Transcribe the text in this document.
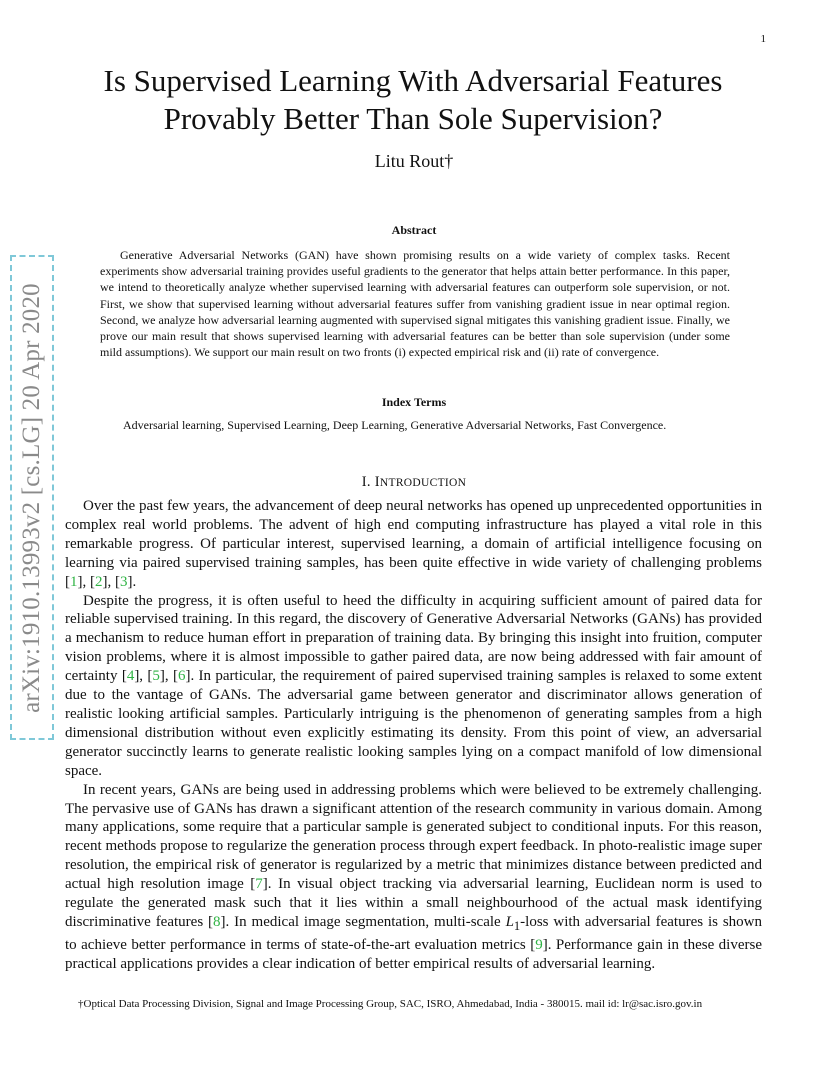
1
arXiv:1910.13993v2 [cs.LG] 20 Apr 2020
Is Supervised Learning With Adversarial Features
Provably Better Than Sole Supervision?
Litu Rout†
Abstract

Generative Adversarial Networks (GAN) have shown promising results on a wide variety of complex tasks. Recent experiments show adversarial training provides useful gradients to the generator that helps attain better performance. In this paper, we intend to theoretically analyze whether supervised learning with adversarial features can outperform sole supervision, or not. First, we show that supervised learning without adversarial features suffer from vanishing gradient issue in near optimal region. Second, we analyze how adversarial learning augmented with supervised signal mitigates this vanishing gradient issue. Finally, we prove our main result that shows supervised learning with adversarial features can be better than sole supervision (under some mild assumptions). We support our main result on two fronts (i) expected empirical risk and (ii) rate of convergence.

Index Terms
Adversarial learning, Supervised Learning, Deep Learning, Generative Adversarial Networks, Fast Convergence.
I. INTRODUCTION

Over the past few years, the advancement of deep neural networks has opened up unprecedented opportunities in complex real world problems. The advent of high end computing infrastructure has played a vital role in this remarkable progress. Of particular interest, supervised learning, a domain of artificial intelligence focusing on learning via paired supervised training samples, has been quite effective in wide variety of challenging problems [1], [2], [3].

Despite the progress, it is often useful to heed the difficulty in acquiring sufficient amount of paired data for reliable supervised training. In this regard, the discovery of Generative Adversarial Networks (GANs) has provided a mechanism to reduce human effort in preparation of training data. By bringing this insight into fruition, computer vision problems, where it is almost impossible to gather paired data, are now being addressed with fair amount of certainty [4], [5], [6]. In particular, the requirement of paired supervised training samples is relaxed to some extent due to the vantage of GANs. The adversarial game between generator and discriminator allows generation of realistic looking artificial samples. Particularly intriguing is the phenomenon of generating samples from a high dimensional distribution without even explicitly estimating its density. From this point of view, an adversarial generator succinctly learns to generate realistic looking samples lying on a compact manifold of low dimensional space.

In recent years, GANs are being used in addressing problems which were believed to be extremely challenging. The pervasive use of GANs has drawn a significant attention of the research community in various domain. Among many applications, some require that a particular sample is generated subject to conditional inputs. For this reason, recent methods propose to regularize the generation process through expert feedback. In photo-realistic image super resolution, the empirical risk of generator is regularized by a metric that minimizes distance between predicted and actual high resolution image [7]. In visual object tracking via adversarial learning, Euclidean norm is used to regulate the generated mask such that it lies within a small neighbourhood of the actual mask identifying discriminative features [8]. In medical image segmentation, multi-scale $L_1$-loss with adversarial features is shown to achieve better performance in terms of state-of-the-art evaluation metrics [9]. Performance gain in these diverse practical applications provides a clear indication of better empirical results of adversarial learning.

†Optical Data Processing Division, Signal and Image Processing Group, SAC, ISRO, Ahmedabad, India - 380015. mail id: lr@sac.isro.gov.in
